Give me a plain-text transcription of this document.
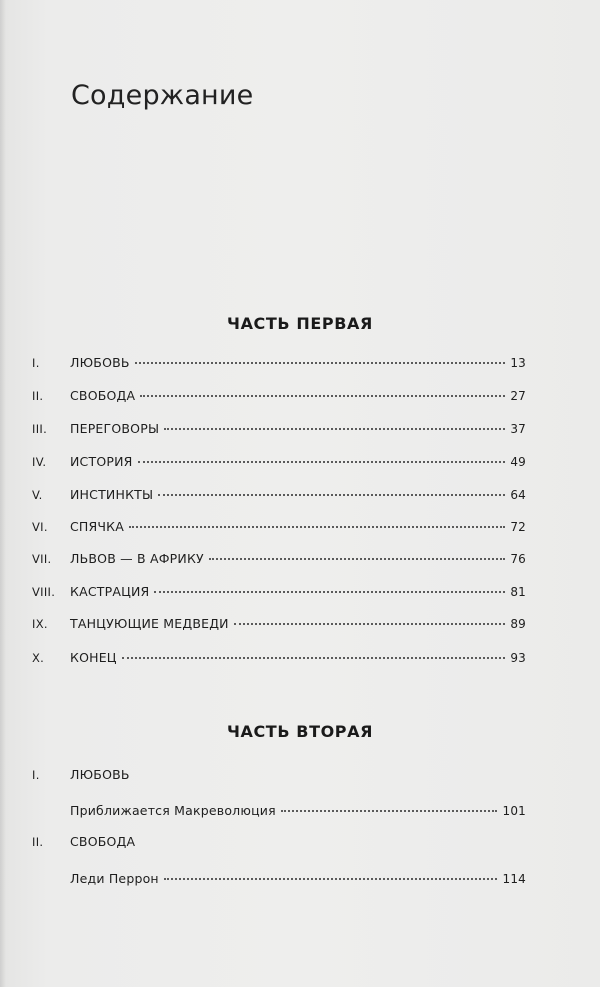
Содержание
ЧАСТЬ ПЕРВАЯ
I.	ЛЮБОВЬ	13
II.	СВОБОДА	27
III.	ПЕРЕГОВОРЫ	37
IV.	ИСТОРИЯ	49
V.	ИНСТИНКТЫ	64
VI.	СПЯЧКА	72
VII.	ЛЬВОВ — В АФРИКУ	76
VIII.	КАСТРАЦИЯ	81
IX.	ТАНЦУЮЩИЕ МЕДВЕДИ	89
X.	КОНЕЦ	93
ЧАСТЬ ВТОРАЯ
I.	ЛЮБОВЬ
Приближается Макреволюция	101
II.	СВОБОДА
Леди Перрон	114
